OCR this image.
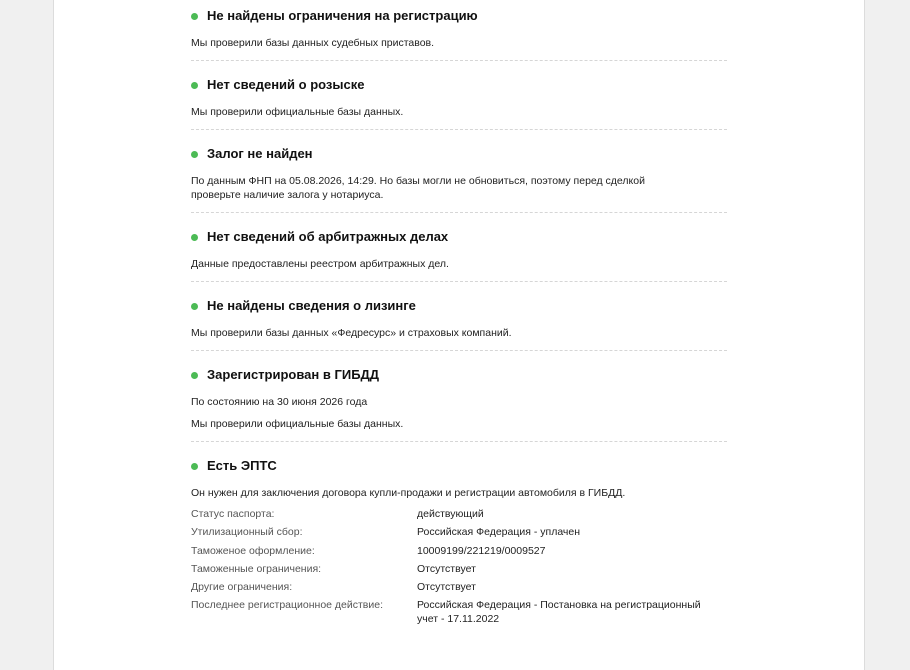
Не найдены ограничения на регистрацию
Мы проверили базы данных судебных приставов.
Нет сведений о розыске
Мы проверили официальные базы данных.
Залог не найден
По данным ФНП на 05.08.2026, 14:29. Но базы могли не обновиться, поэтому перед сделкой
проверьте наличие залога у нотариуса.
Нет сведений об арбитражных делах
Данные предоставлены реестром арбитражных дел.
Не найдены сведения о лизинге
Мы проверили базы данных «Федресурс» и страховых компаний.
Зарегистрирован в ГИБДД
По состоянию на 30 июня 2026 года
Мы проверили официальные базы данных.
Есть ЭПТС
Он нужен для заключения договора купли-продажи и регистрации автомобиля в ГИБДД.
Статус паспорта:	действующий
Утилизационный сбор:	Российская Федерация - уплачен
Таможеное оформление:	10009199/221219/0009527
Таможенные ограничения:	Отсутствует
Другие ограничения:	Отсутствует
Последнее регистрационное действие:	Российская Федерация - Постановка на регистрационный
учет - 17.11.2022
